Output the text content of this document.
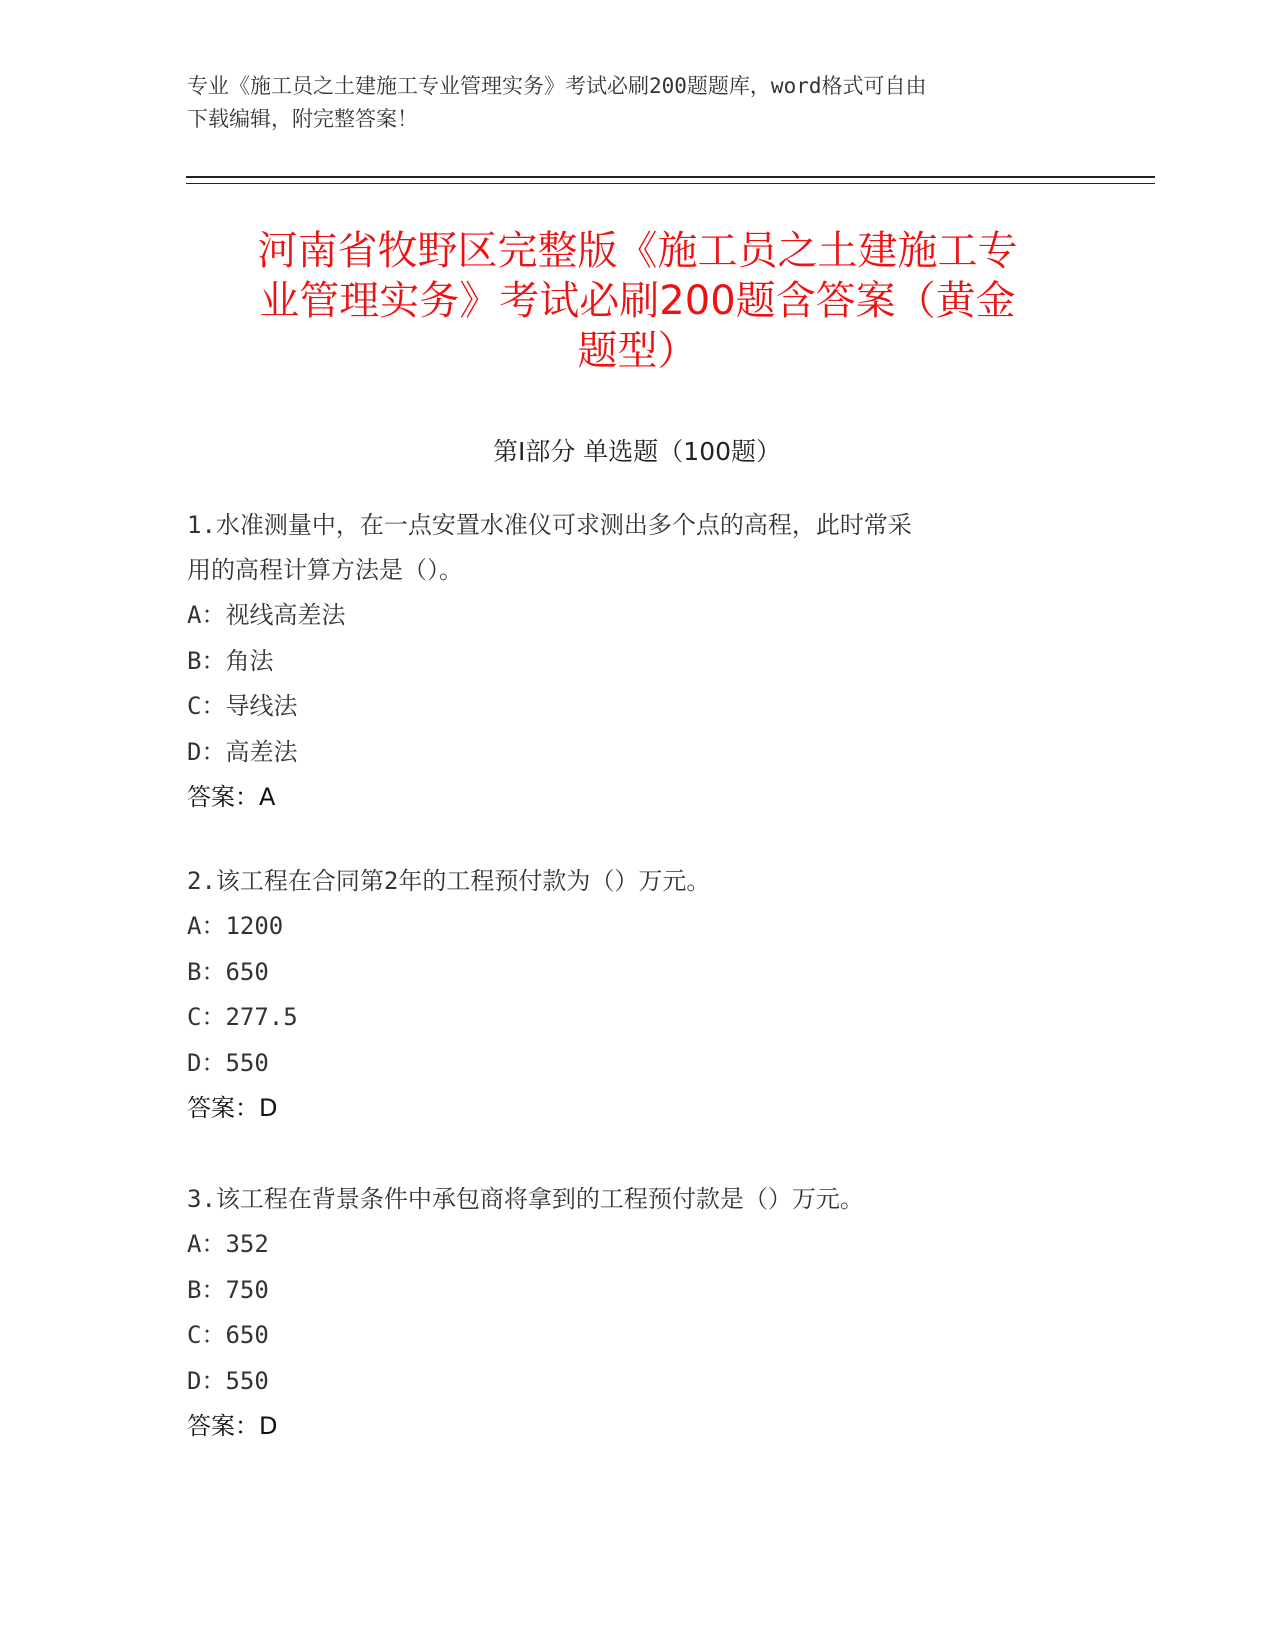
专业《施工员之土建施工专业管理实务》考试必刷200题题库，word格式可自由
下载编辑，附完整答案！
河南省牧野区完整版《施工员之土建施工专
业管理实务》考试必刷200题含答案（黄金
题型）
第Ⅰ部分 单选题（100题）
1.水准测量中，在一点安置水准仪可求测出多个点的高程，此时常采
用的高程计算方法是（）。
A：视线高差法
B：角法
C：导线法
D：高差法
答案：A
2.该工程在合同第2年的工程预付款为（）万元。
A：1200
B：650
C：277.5
D：550
答案：D
3.该工程在背景条件中承包商将拿到的工程预付款是（）万元。
A：352
B：750
C：650
D：550
答案：D
